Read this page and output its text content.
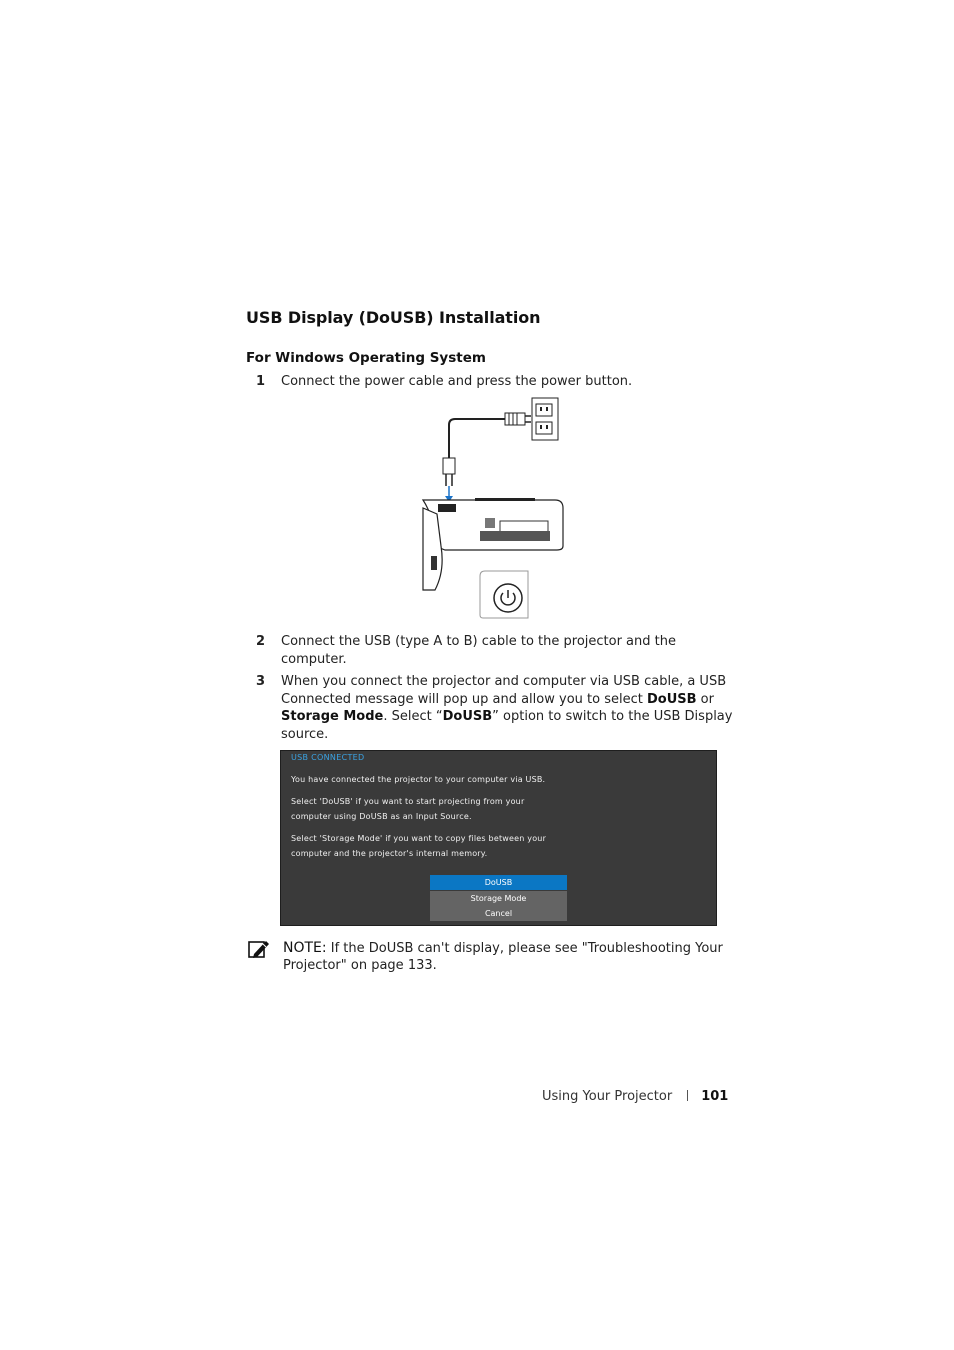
USB Display (DoUSB) Installation
For Windows Operating System
1 Connect the power cable and press the power button.
2 Connect the USB (type A to B) cable to the projector and the computer.
3 When you connect the projector and computer via USB cable, a USB Connected message will pop up and allow you to select DoUSB or Storage Mode. Select “DoUSB” option to switch to the USB Display source.
USB CONNECTED
You have connected the projector to your computer via USB.
Select 'DoUSB' if you want to start projecting from your
computer using DoUSB as an Input Source.
Select 'Storage Mode' if you want to copy files between your
computer and the projector's internal memory.
DoUSB
Storage Mode
Cancel
NOTE: If the DoUSB can't display, please see "Troubleshooting Your Projector" on page 133.
Using Your Projector 101
